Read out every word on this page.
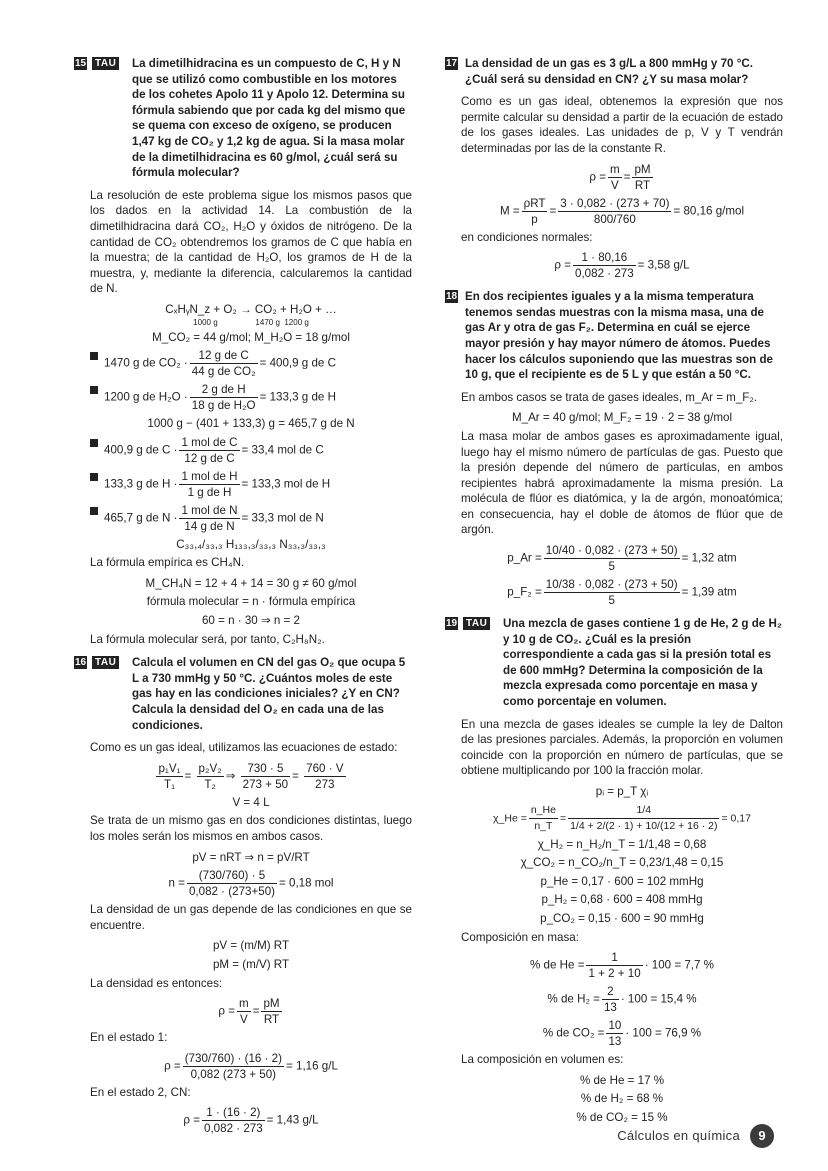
15 TAU La dimetilhidracina es un compuesto de C, H y N que se utilizó como combustible en los motores de los cohetes Apolo 11 y Apolo 12. Determina su fórmula sabiendo que por cada kg del mismo que se quema con exceso de oxígeno, se producen 1,47 kg de CO₂ y 1,2 kg de agua. Si la masa molar de la dimetilhidracina es 60 g/mol, ¿cuál será su fórmula molecular?
La resolución de este problema sigue los mismos pasos que los dados en la actividad 14. La combustión de la dimetilhidracina dará CO₂, H₂O y óxidos de nitrógeno. De la cantidad de CO₂ obtendremos los gramos de C que había en la muestra; de la cantidad de H₂O, los gramos de H de la muestra, y, mediante la diferencia, calcularemos la cantidad de N.
CₓHᵧN_z + O₂ → CO₂ + H₂O + …
1000 g                 1470 g  1200 g
M_CO₂ = 44 g/mol; M_H₂O = 18 g/mol
1470 g de $CO_2 \cdot \frac{\text{12 g de C}}{\text{44 g de CO₂}} = 400,9$ g de C
1200 g de $H_2O \cdot \frac{\text{2 g de H}}{\text{18 g de H₂O}} = 133,3$ g de H
1000 g − (401 + 133,3) g = 465,7 g de N
400,9 g de $C \cdot \frac{\text{1 mol de C}}{\text{12 g de C}} = 33,4$ mol de C
133,3 g de $H \cdot \frac{\text{1 mol de H}}{\text{1 g de H}} = 133,3$ mol de H
465,7 g de $N \cdot \frac{\text{1 mol de N}}{\text{14 g de N}} = 33,3$ mol de N
C₃₃,₄/₃₃,₃ H₁₃₃,₃/₃₃,₃ N₃₃,₃/₃₃,₃
La fórmula empírica es CH₄N.
M_CH₄N = 12 + 4 + 14 = 30 g ≠ 60 g/mol
fórmula molecular = n · fórmula empírica
60 = n · 30 ⇒ n = 2
La fórmula molecular será, por tanto, C₂H₈N₂.
16 TAU Calcula el volumen en CN del gas O₂ que ocupa 5 L a 730 mmHg y 50 °C. ¿Cuántos moles de este gas hay en las condiciones iniciales? ¿Y en CN? Calcula la densidad del O₂ en cada una de las condiciones.
Como es un gas ideal, utilizamos las ecuaciones de estado:
$\frac{\text{p₁V₁}}{\text{T₁}} = \frac{\text{p₂V₂}}{\text{T₂}}$ ⇒ $\frac{730 \cdot 5}{273 + 50} = \frac{760 \cdot V}{273}$
V = 4 L
Se trata de un mismo gas en dos condiciones distintas, luego los moles serán los mismos en ambos casos.
pV = nRT ⇒ n = pV/RT
$n = \frac{(730/760) \cdot 5}{0,082 \cdot (273+50)} = 0,18$ mol
La densidad de un gas depende de las condiciones en que se encuentre.
pV = (m/M) RT
pM = (m/V) RT
La densidad es entonces:
$\rho = \frac{m}{V} = \frac{pM}{RT}$
En el estado 1:
$\rho = \frac{(730/760) \cdot (16 \cdot 2)}{0,082 (273 + 50)} = 1,16$ g/L
En el estado 2, CN:
$\rho = \frac{1 \cdot (16 \cdot 2)}{0,082 \cdot 273} = 1,43$ g/L
17 La densidad de un gas es 3 g/L a 800 mmHg y 70 °C. ¿Cuál será su densidad en CN? ¿Y su masa molar?
Como es un gas ideal, obtenemos la expresión que nos permite calcular su densidad a partir de la ecuación de estado de los gases ideales. Las unidades de p, V y T vendrán determinadas por las de la constante R.
$\rho = \frac{m}{V} = \frac{pM}{RT}$
$M = \frac{\text{ρRT}}{p} = \frac{3 \cdot 0,082 \cdot (273 + 70)}{800/760} = 80,16$ g/mol
en condiciones normales:
$\rho = \frac{1 \cdot 80,16}{0,082 \cdot 273} = 3,58$ g/L
18 En dos recipientes iguales y a la misma temperatura tenemos sendas muestras con la misma masa, una de gas Ar y otra de gas F₂. Determina en cuál se ejerce mayor presión y hay mayor número de átomos. Puedes hacer los cálculos suponiendo que las muestras son de 10 g, que el recipiente es de 5 L y que están a 50 °C.
En ambos casos se trata de gases ideales, m_Ar = m_F₂.
M_Ar = 40 g/mol; M_F₂ = 19 · 2 = 38 g/mol
La masa molar de ambos gases es aproximadamente igual, luego hay el mismo número de partículas de gas. Puesto que la presión depende del número de partículas, en ambos recipientes habrá aproximadamente la misma presión. La molécula de flúor es diatómica, y la de argón, monoatómica; en consecuencia, hay el doble de átomos de flúor que de argón.
p_Ar = $\frac{10/40 \cdot 0,082 \cdot (273 + 50)}{5} = 1,32$ atm
p_F₂ = $\frac{10/38 \cdot 0,082 \cdot (273 + 50)}{5} = 1,39$ atm
19 TAU Una mezcla de gases contiene 1 g de He, 2 g de H₂ y 10 g de CO₂. ¿Cuál es la presión correspondiente a cada gas si la presión total es de 600 mmHg? Determina la composición de la mezcla expresada como porcentaje en masa y como porcentaje en volumen.
En una mezcla de gases ideales se cumple la ley de Dalton de las presiones parciales. Además, la proporción en volumen coincide con la proporción en número de partículas, que se obtiene multiplicando por 100 la fracción molar.
pᵢ = p_T χᵢ
χ_He = $\frac{n\_He}{n\_T} = \frac{1/4}{1/4 + 2/(2 \cdot 1) + 10/(12 + 16 \cdot 2)} = 0,17$
χ_H₂ = n_H₂/n_T = 1/1,48 = 0,68
χ_CO₂ = n_CO₂/n_T = 0,23/1,48 = 0,15
p_He = 0,17 · 600 = 102 mmHg
p_H₂ = 0,68 · 600 = 408 mmHg
p_CO₂ = 0,15 · 600 = 90 mmHg
Composición en masa:
% de $He = \frac{1}{1 + 2 + 10} \cdot 100 = 7,7$ %
% de $H_2 = \frac{2}{13} \cdot 100 = 15,4$ %
% de $CO_2 = \frac{10}{13} \cdot 100 = 76,9$ %
La composición en volumen es:
% de He = 17 %
% de H₂ = 68 %
% de CO₂ = 15 %
Cálculos en química	9
